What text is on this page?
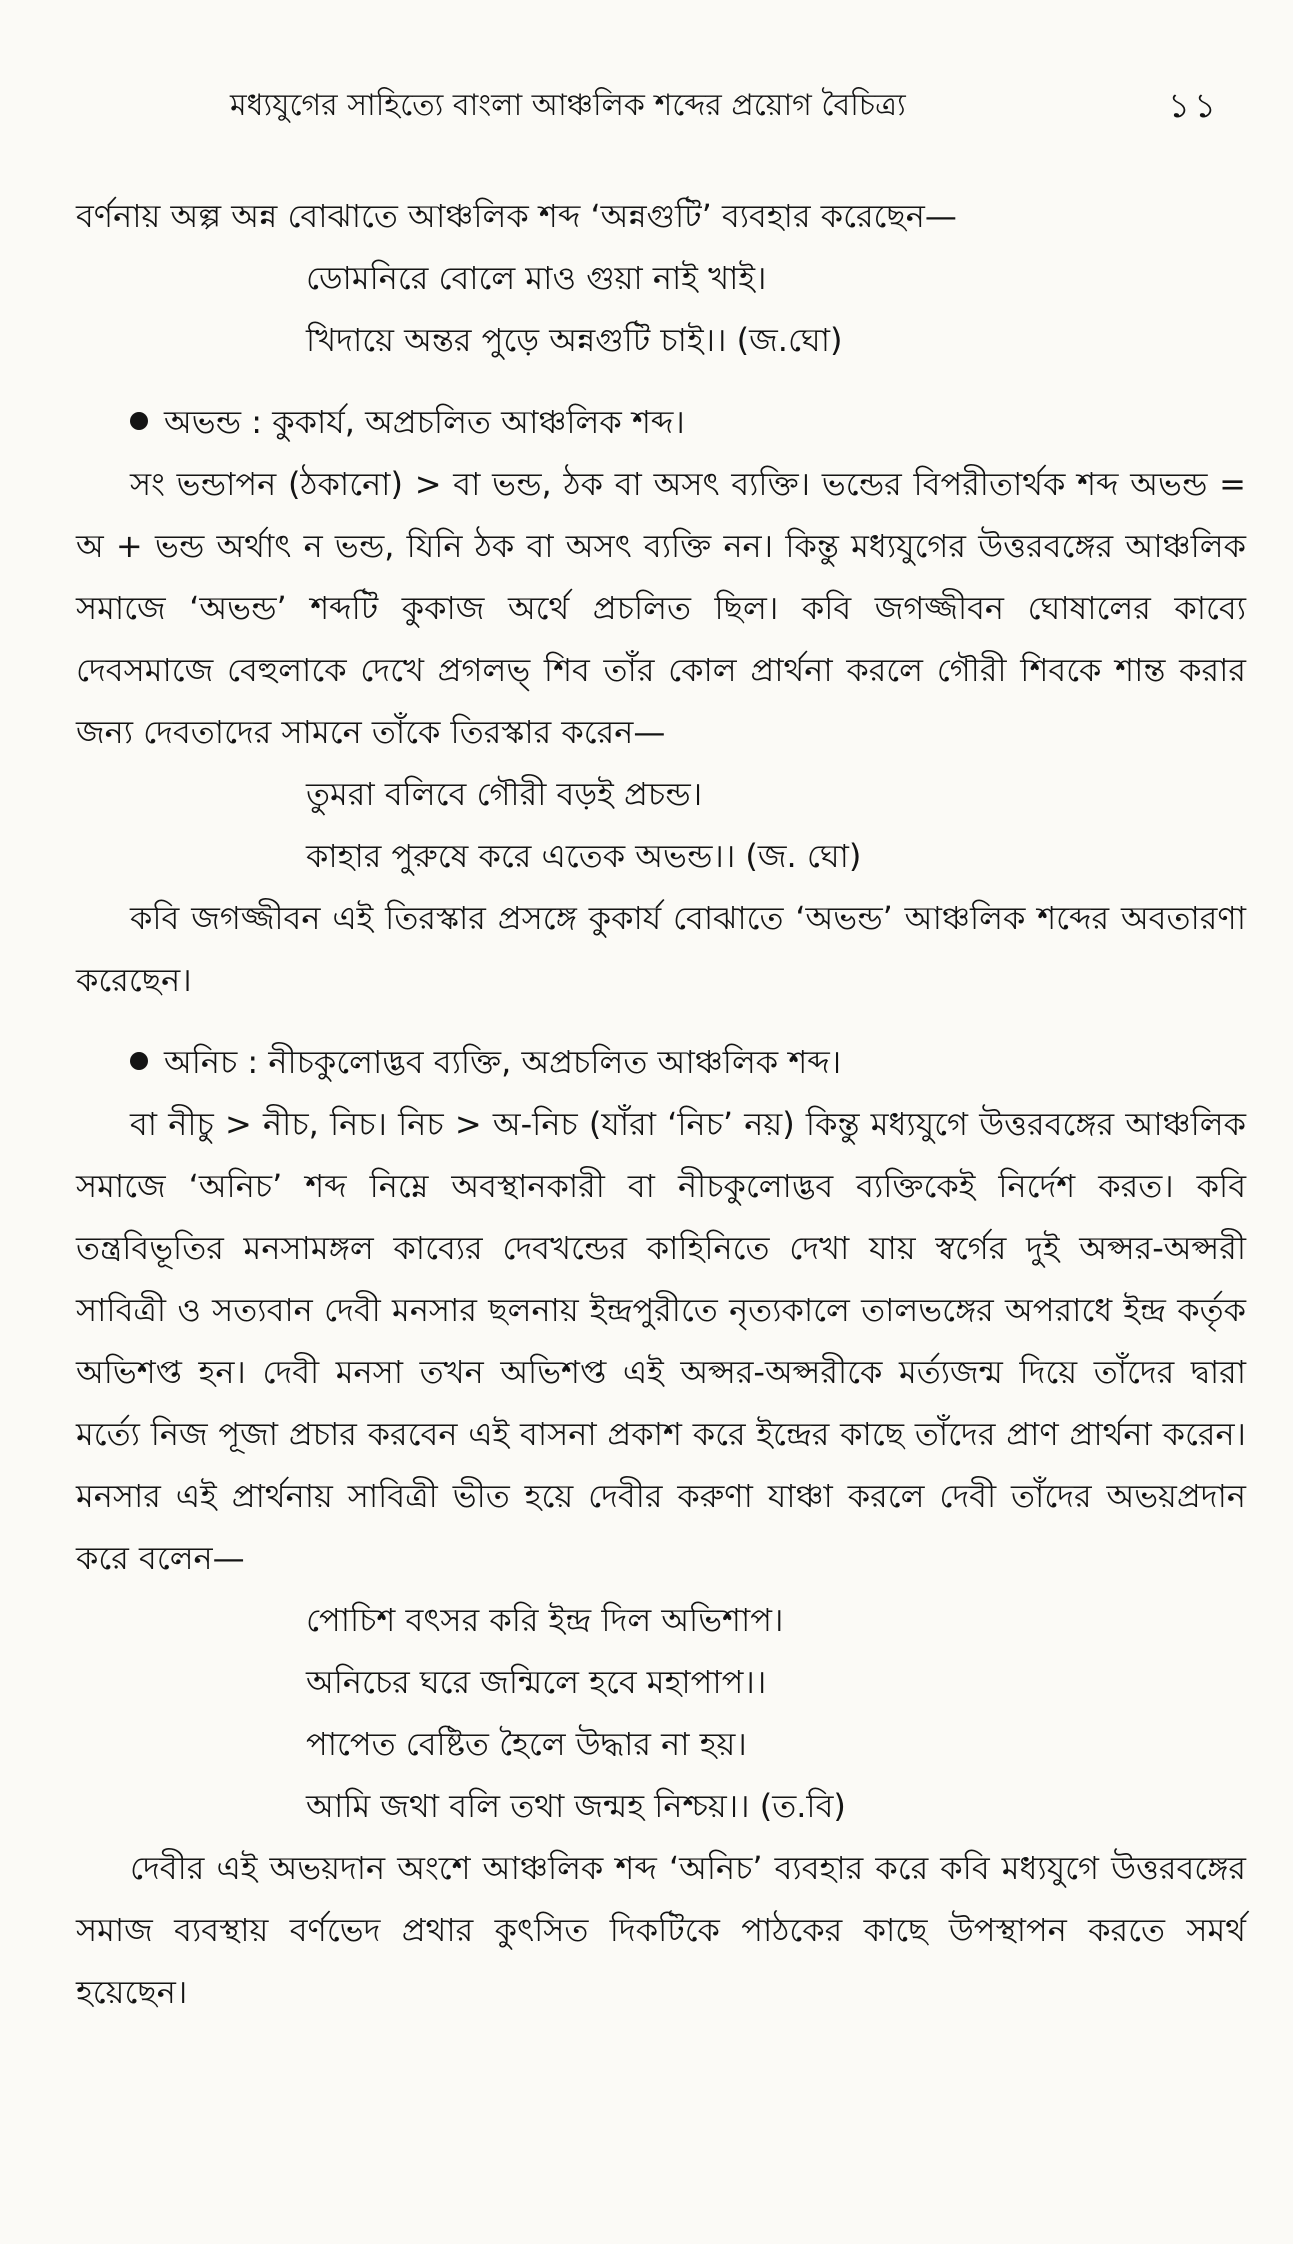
মধ্যযুগের সাহিত্যে বাংলা আঞ্চলিক শব্দের প্রয়োগ বৈচিত্র্য	১১

বর্ণনায় অল্প অন্ন বোঝাতে আঞ্চলিক শব্দ ‘অন্নগুটি’ ব্যবহার করেছেন—

ডোমনিরে বোলে মাও গুয়া নাই খাই।

খিদায়ে অন্তর পুড়ে অন্নগুটি চাই।। (জ.ঘো)

অভন্ড : কুকার্য, অপ্রচলিত আঞ্চলিক শব্দ।

সং ভন্ডাপন (ঠকানো) > বা ভন্ড, ঠক বা অসৎ ব্যক্তি। ভন্ডের বিপরীতার্থক শব্দ অভন্ড = অ + ভন্ড অর্থাৎ ন ভন্ড, যিনি ঠক বা অসৎ ব্যক্তি নন। কিন্তু মধ্যযুগের উত্তরবঙ্গের আঞ্চলিক সমাজে ‘অভন্ড’ শব্দটি কুকাজ অর্থে প্রচলিত ছিল। কবি জগজ্জীবন ঘোষালের কাব্যে দেবসমাজে বেহুলাকে দেখে প্রগলভ্ শিব তাঁর কোল প্রার্থনা করলে গৌরী শিবকে শান্ত করার জন্য দেবতাদের সামনে তাঁকে তিরস্কার করেন—

তুমরা বলিবে গৌরী বড়ই প্রচন্ড।

কাহার পুরুষে করে এতেক অভন্ড।। (জ. ঘো)

কবি জগজ্জীবন এই তিরস্কার প্রসঙ্গে কুকার্য বোঝাতে ‘অভন্ড’ আঞ্চলিক শব্দের অবতারণা করেছেন।

অনিচ : নীচকুলোদ্ভব ব্যক্তি, অপ্রচলিত আঞ্চলিক শব্দ।

বা নীচু > নীচ, নিচ। নিচ > অ-নিচ (যাঁরা ‘নিচ’ নয়) কিন্তু মধ্যযুগে উত্তরবঙ্গের আঞ্চলিক সমাজে ‘অনিচ’ শব্দ নিম্নে অবস্থানকারী বা নীচকুলোদ্ভব ব্যক্তিকেই নির্দেশ করত। কবি তন্ত্রবিভূতির মনসামঙ্গল কাব্যের দেবখন্ডের কাহিনিতে দেখা যায় স্বর্গের দুই অপ্সর-অপ্সরী সাবিত্রী ও সত্যবান দেবী মনসার ছলনায় ইন্দ্রপুরীতে নৃত্যকালে তালভঙ্গের অপরাধে ইন্দ্র কর্তৃক অভিশপ্ত হন। দেবী মনসা তখন অভিশপ্ত এই অপ্সর-অপ্সরীকে মর্ত্যজন্ম দিয়ে তাঁদের দ্বারা মর্ত্যে নিজ পূজা প্রচার করবেন এই বাসনা প্রকাশ করে ইন্দ্রের কাছে তাঁদের প্রাণ প্রার্থনা করেন। মনসার এই প্রার্থনায় সাবিত্রী ভীত হয়ে দেবীর করুণা যাঞ্চা করলে দেবী তাঁদের অভয়প্রদান করে বলেন—

পোচিশ বৎসর করি ইন্দ্র দিল অভিশাপ।

অনিচের ঘরে জন্মিলে হবে মহাপাপ।।

পাপেত বেষ্টিত হৈলে উদ্ধার না হয়।

আমি জথা বলি তথা জন্মহ নিশ্চয়।। (ত.বি)

দেবীর এই অভয়দান অংশে আঞ্চলিক শব্দ ‘অনিচ’ ব্যবহার করে কবি মধ্যযুগে উত্তরবঙ্গের সমাজ ব্যবস্থায় বর্ণভেদ প্রথার কুৎসিত দিকটিকে পাঠকের কাছে উপস্থাপন করতে সমর্থ হয়েছেন।
